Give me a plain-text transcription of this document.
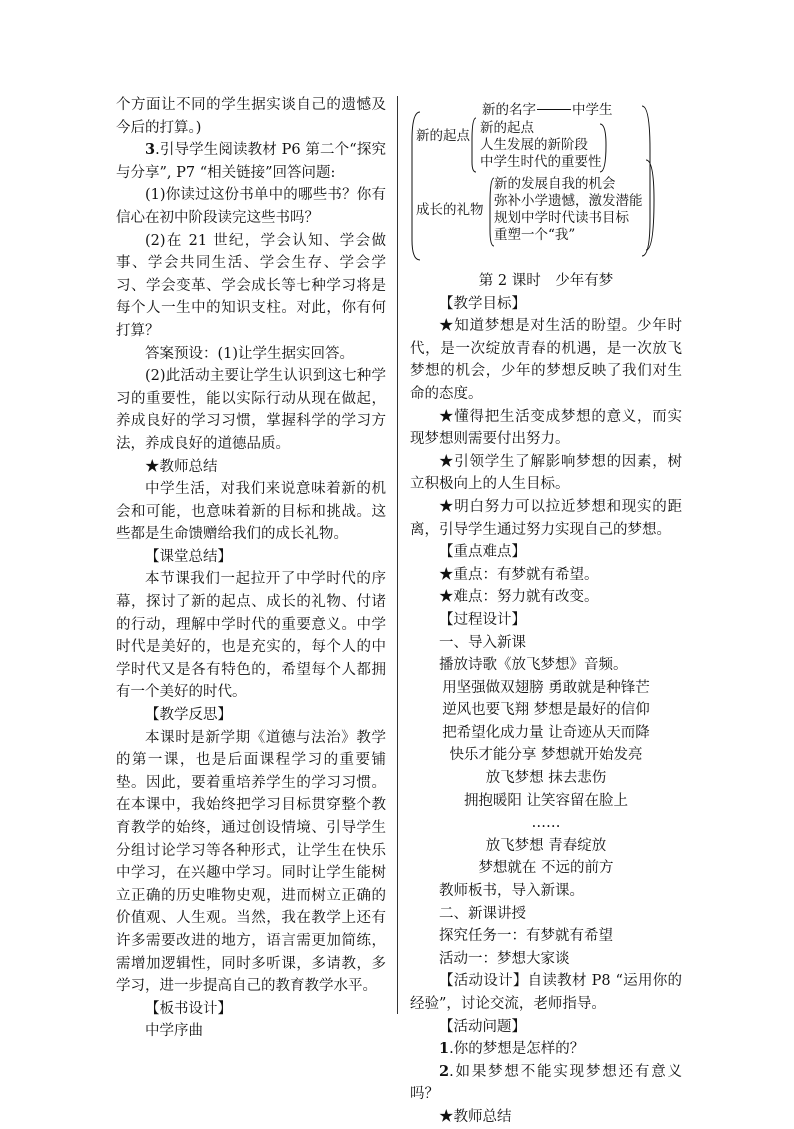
个方面让不同的学生据实谈自己的遗憾及今后的打算。)

3.引导学生阅读教材 P6 第二个“探究与分享”, P7 “相关链接”回答问题:

(1)你读过这份书单中的哪些书？你有信心在初中阶段读完这些书吗？

(2)在 21 世纪，学会认知、学会做事、学会共同生活、学会生存、学会学习、学会变革、学会成长等七种学习将是每个人一生中的知识支柱。对此，你有何打算？

答案预设：(1)让学生据实回答。

(2)此活动主要让学生认识到这七种学习的重要性，能以实际行动从现在做起，养成良好的学习习惯，掌握科学的学习方法，养成良好的道德品质。

★教师总结

中学生活，对我们来说意味着新的机会和可能，也意味着新的目标和挑战。这些都是生命馈赠给我们的成长礼物。

【课堂总结】

本节课我们一起拉开了中学时代的序幕，探讨了新的起点、成长的礼物、付诸的行动，理解中学时代的重要意义。中学时代是美好的，也是充实的，每个人的中学时代又是各有特色的，希望每个人都拥有一个美好的时代。

【教学反思】

本课时是新学期《道德与法治》教学的第一课，也是后面课程学习的重要铺垫。因此，要着重培养学生的学习习惯。在本课中，我始终把学习目标贯穿整个教育教学的始终，通过创设情境、引导学生分组讨论学习等各种形式，让学生在快乐中学习，在兴趣中学习。同时让学生能树立正确的历史唯物史观，进而树立正确的价值观、人生观。当然，我在教学上还有许多需要改进的地方，语言需更加简练，需增加逻辑性，同时多听课，多请教，多学习，进一步提高自己的教育教学水平。

【板书设计】

中学序曲

新的名字	中学生
新的起点 新的起点
人生发展的新阶段
中学生时代的重要性
成长的礼物
新的发展自我的机会
弥补小学遗憾，激发潜能
规划中学时代读书目标
重塑一个“我”

第 2 课时　少年有梦

【教学目标】

★知道梦想是对生活的盼望。少年时代，是一次绽放青春的机遇，是一次放飞梦想的机会，少年的梦想反映了我们对生命的态度。

★懂得把生活变成梦想的意义，而实现梦想则需要付出努力。

★引领学生了解影响梦想的因素，树立积极向上的人生目标。

★明白努力可以拉近梦想和现实的距离，引导学生通过努力实现自己的梦想。

【重点难点】

★重点：有梦就有希望。

★难点：努力就有改变。

【过程设计】

一、导入新课

播放诗歌《放飞梦想》音频。

用坚强做双翅膀 勇敢就是种锋芒

逆风也要飞翔 梦想是最好的信仰

把希望化成力量 让奇迹从天而降

快乐才能分享 梦想就开始发亮

放飞梦想 抹去悲伤

拥抱暖阳 让笑容留在脸上

……

放飞梦想 青春绽放

梦想就在 不远的前方

教师板书，导入新课。

二、新课讲授

探究任务一：有梦就有希望

活动一：梦想大家谈

【活动设计】自读教材 P8 “运用你的经验”，讨论交流，老师指导。

【活动问题】

1.你的梦想是怎样的？

2.如果梦想不能实现梦想还有意义吗？

★教师总结
